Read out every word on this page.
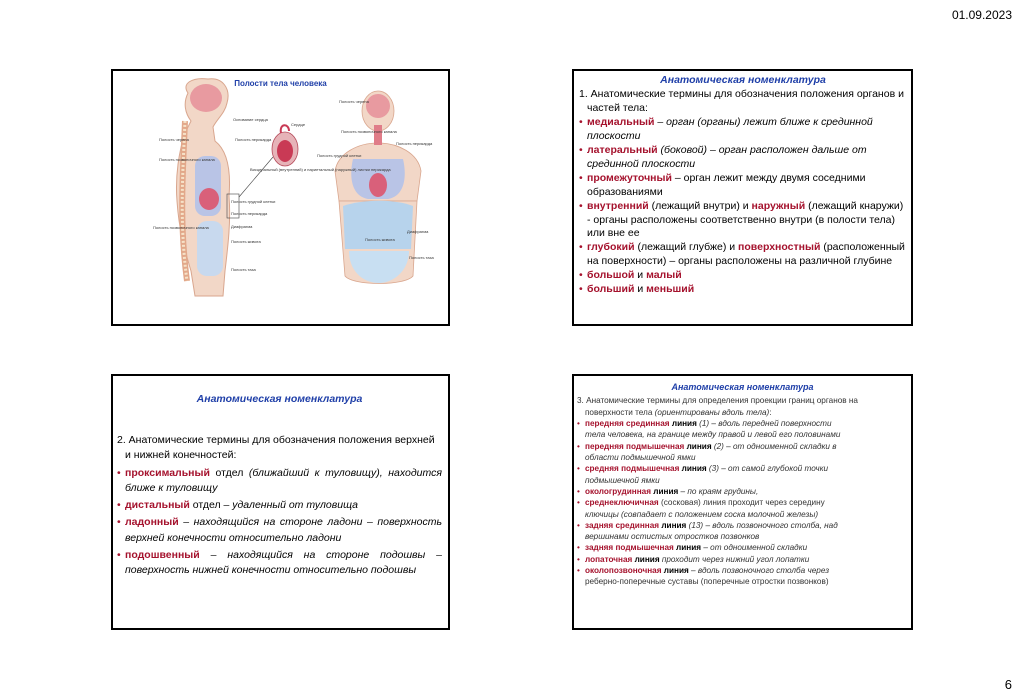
01.09.2023
Полости тела человека
Полость черепа
Основание сердца
Сердце
Полость перикарда
Полость позвоночного канала
Висцеральный (внутренний) и париетальный (наружный) листки перикарда
Полость грудной клетки
Полость перикарда
Диафрагма
Полость живота
Полость позвоночного канала
Полость таза
Полость черепа
Полость позвоночного канала
Полость перикарда
Полость грудной клетки
Диафрагма
Полость живота
Полость таза
Анатомическая номенклатура
1. Анатомические термины для обозначения положения органов и частей тела:
• медиальный – орган (органы) лежит ближе к срединной плоскости
• латеральный (боковой) – орган расположен дальше от срединной плоскости
• промежуточный – орган лежит между двумя соседними образованиями
• внутренний (лежащий внутри) и наружный (лежащий кнаружи) - органы расположены соответственно внутри (в полости тела) или вне ее
• глубокий (лежащий глубже) и поверхностный (расположенный на поверхности) – органы расположены на различной глубине
• большой и малый
• больший и меньший
Анатомическая номенклатура
2. Анатомические термины для обозначения положения верхней и нижней конечностей:
• проксимальный отдел (ближайший к туловищу), находится ближе к туловищу
• дистальный отдел – удаленный от туловища
• ладонный – находящийся на стороне ладони – поверхность верхней конечности относительно ладони
• подошвенный – находящийся на стороне подошвы – поверхность нижней конечности относительно подошвы
Анатомическая номенклатура
3. Анатомические термины для определения проекции границ органов на поверхности тела (ориентированы вдоль тела):
• передняя срединная линия (1) – вдоль передней поверхности
тела человека, на границе между правой и левой его половинами
• передняя подмышечная линия (2) – от одноименной складки в
области подмышечной ямки
• средняя подмышечная линия (3) – от самой глубокой точки
подмышечной ямки
• окологрудинная линия – по краям грудины,
• среднеключичная (сосковая) линия проходит через середину
ключицы (совпадает с положением соска молочной железы)
• задняя срединная линия (13) – вдоль позвоночного столба, над
вершинами остистых отростков позвонков
• задняя подмышечная линия – от одноименной складки
• лопаточная линия проходит через нижний угол лопатки
• околопозвоночная линия – вдоль позвоночного столба через
реберно-поперечные суставы (поперечные отростки позвонков)
6
